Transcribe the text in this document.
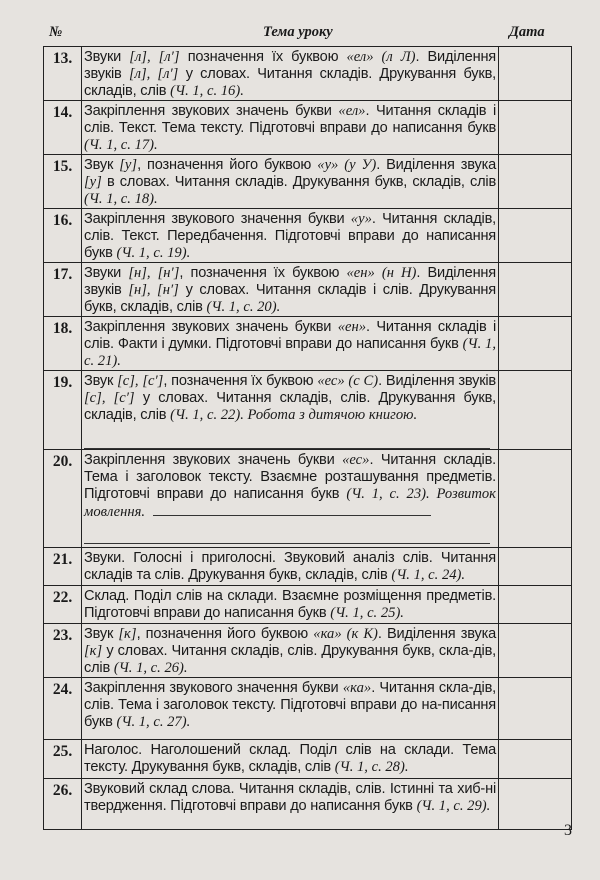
№	Тема уроку	Дата
13.	Звуки [л], [л′] позначення їх буквою «ел» (л Л). Виділення звуків [л], [л′] у словах. Читання складів. Друкування букв, складів, слів (Ч. 1, с. 16).	

14.	Закріплення звукових значень букви «ел». Читання складів і слів. Текст. Тема тексту. Підготовчі вправи до написання букв (Ч. 1, с. 17).	

15.	Звук [у], позначення його буквою «у» (у У). Виділення звука [у] в словах. Читання складів. Друкування букв, складів, слів (Ч. 1, с. 18).	

16.	Закріплення звукового значення букви «у». Читання складів, слів. Текст. Передбачення. Підготовчі вправи до написання букв (Ч. 1, с. 19).	

17.	Звуки [н], [н′], позначення їх буквою «ен» (н Н). Виділення звуків [н], [н′] у словах. Читання складів і слів. Друкування букв, складів, слів (Ч. 1, с. 20).	

18.	Закріплення звукових значень букви «ен». Читання складів і слів. Факти і думки. Підготовчі вправи до написання букв (Ч. 1, с. 21).	

19.	Звук [с], [с′], позначення їх буквою «ес» (с С). Виділення звуків [с], [с′] у словах. Читання складів, слів. Друкування букв, складів, слів (Ч. 1, с. 22). Робота з дитячою книгою.	

20.	Закріплення звукових значень букви «ес». Читання складів. Тема і заголовок тексту. Взаємне розташування предметів. Підготовчі вправи до написання букв (Ч. 1, с. 23). Розвиток мовлення.	

21.	Звуки. Голосні і приголосні. Звуковий аналіз слів. Читання складів та слів. Друкування букв, складів, слів (Ч. 1, с. 24).	

22.	Склад. Поділ слів на склади. Взаємне розміщення предметів. Підготовчі вправи до написання букв (Ч. 1, с. 25).	

23.	Звук [к], позначення його буквою «ка» (к К). Виділення звука [к] у словах. Читання складів, слів. Друкування букв, скла-дів, слів (Ч. 1, с. 26).	

24.	Закріплення звукового значення букви «ка». Читання скла-дів, слів. Тема і заголовок тексту. Підготовчі вправи до на-писання букв (Ч. 1, с. 27).	

25.	Наголос. Наголошений склад. Поділ слів на склади. Тема тексту. Друкування букв, складів, слів (Ч. 1, с. 28).	

26.	Звуковий склад слова. Читання складів, слів. Істинні та хиб-ні твердження. Підготовчі вправи до написання букв (Ч. 1, с. 29).	

3
